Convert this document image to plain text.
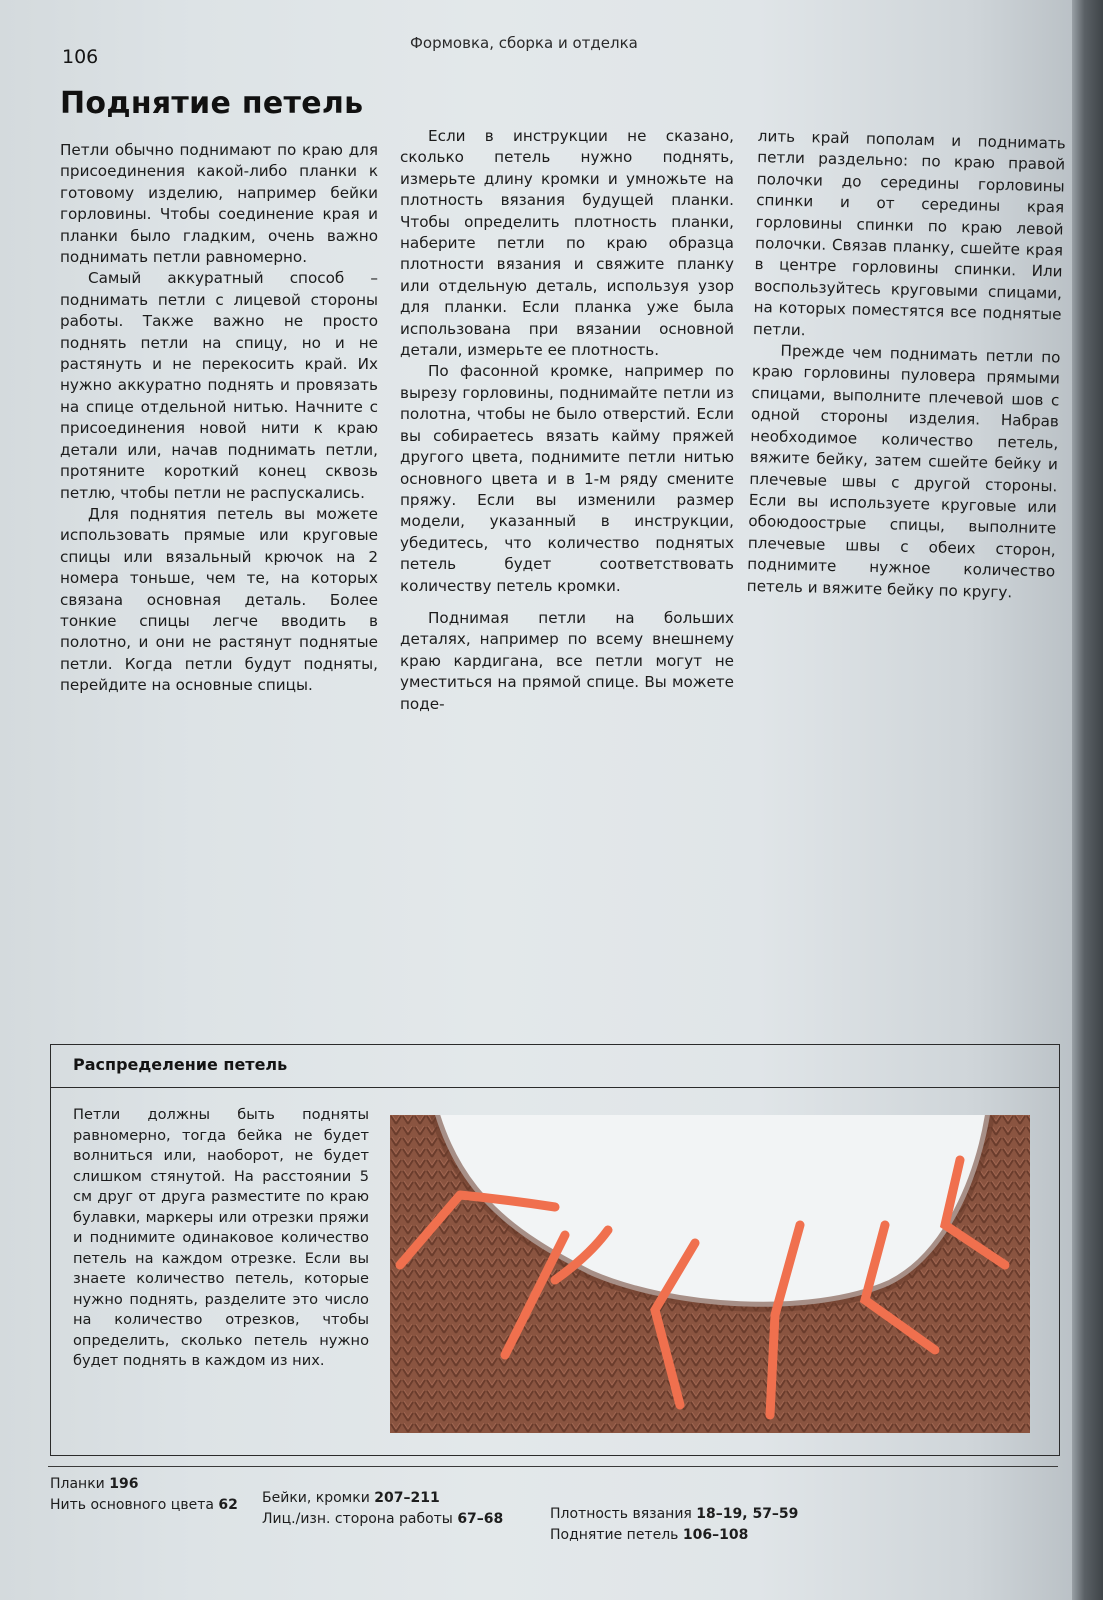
106
Формовка, сборка и отделка
Поднятие петель

Петли обычно поднимают по краю для присоединения какой-либо планки к готовому изделию, например бейки горловины. Чтобы соединение края и планки было гладким, очень важно поднимать петли равномерно.

Самый аккуратный способ – поднимать петли с лицевой стороны работы. Также важно не просто поднять петли на спицу, но и не растянуть и не перекосить край. Их нужно аккуратно поднять и провязать на спице отдельной нитью. Начните с присоединения новой нити к краю детали или, начав поднимать петли, протяните короткий конец сквозь петлю, чтобы петли не распускались.

Для поднятия петель вы можете использовать прямые или круговые спицы или вязальный крючок на 2 номера тоньше, чем те, на которых связана основная деталь. Более тонкие спицы легче вводить в полотно, и они не растянут поднятые петли. Когда петли будут подняты, перейдите на основные спицы.

Если в инструкции не сказано, сколько петель нужно поднять, измерьте длину кромки и умножьте на плотность вязания будущей планки. Чтобы определить плотность планки, наберите петли по краю образца плотности вязания и свяжите планку или отдельную деталь, используя узор для планки. Если планка уже была использована при вязании основной детали, измерьте ее плотность.

По фасонной кромке, например по вырезу горловины, поднимайте петли из полотна, чтобы не было отверстий. Если вы собираетесь вязать кайму пряжей другого цвета, поднимите петли нитью основного цвета и в 1-м ряду смените пряжу. Если вы изменили размер модели, указанный в инструкции, убедитесь, что количество поднятых петель будет соответствовать количеству петель кромки.

Поднимая петли на больших деталях, например по всему внешнему краю кардигана, все петли могут не уместиться на прямой спице. Вы можете поде-

лить край пополам и поднимать петли раздельно: по краю правой полочки до середины горловины спинки и от середины края горловины спинки по краю левой полочки. Связав планку, сшейте края в центре горловины спинки. Или воспользуйтесь круговыми спицами, на которых поместятся все поднятые петли.

Прежде чем поднимать петли по краю горловины пуловера прямыми спицами, выполните плечевой шов с одной стороны изделия. Набрав необходимое количество петель, вяжите бейку, затем сшейте бейку и плечевые швы с другой стороны. Если вы используете круговые или обоюдоострые спицы, выполните плечевые швы с обеих сторон, поднимите нужное количество петель и вяжите бейку по кругу.

Распределение петель

Петли должны быть подняты равномерно, тогда бейка не будет волниться или, наоборот, не будет слишком стянутой. На расстоянии 5 см друг от друга разместите по краю булавки, маркеры или отрезки пряжи и поднимите одинаковое количество петель на каждом отрезке. Если вы знаете количество петель, которые нужно поднять, разделите это число на количество отрезков, чтобы определить, сколько петель нужно будет поднять в каждом из них.

Планки 196
Нить основного цвета 62 Бейки, кромки 207–211
Лиц./изн. сторона работы 67–68	Плотность вязания 18–19, 57–59
Поднятие петель 106–108
